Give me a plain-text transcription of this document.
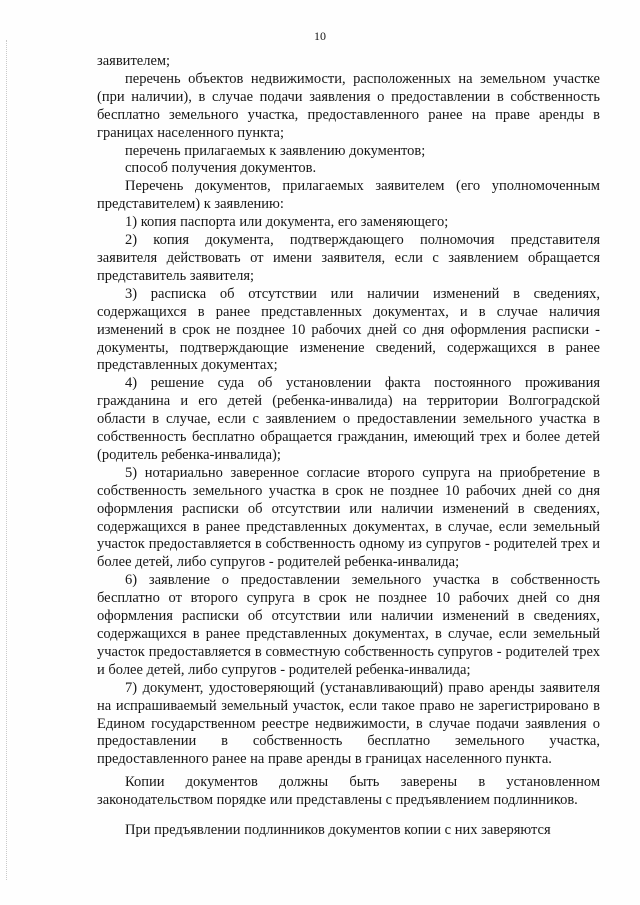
10

заявителем;

перечень объектов недвижимости, расположенных на земельном участке (при наличии), в случае подачи заявления о предоставлении в собственность бесплатно земельного участка, предоставленного ранее на праве аренды в границах населенного пункта;

перечень прилагаемых к заявлению документов;

способ получения документов.

Перечень документов, прилагаемых заявителем (его уполномоченным представителем) к заявлению:

1) копия паспорта или документа, его заменяющего;

2) копия документа, подтверждающего полномочия представителя заявителя действовать от имени заявителя, если с заявлением обращается представитель заявителя;

3) расписка об отсутствии или наличии изменений в сведениях, содержащихся в ранее представленных документах, и в случае наличия изменений в срок не позднее 10 рабочих дней со дня оформления расписки - документы, подтверждающие изменение сведений, содержащихся в ранее представленных документах;

4) решение суда об установлении факта постоянного проживания гражданина и его детей (ребенка-инвалида) на территории Волгоградской области в случае, если с заявлением о предоставлении земельного участка в собственность бесплатно обращается гражданин, имеющий трех и более детей (родитель ребенка-инвалида);

5) нотариально заверенное согласие второго супруга на приобретение в собственность земельного участка в срок не позднее 10 рабочих дней со дня оформления расписки об отсутствии или наличии изменений в сведениях, содержащихся в ранее представленных документах, в случае, если земельный участок предоставляется в собственность одному из супругов - родителей трех и более детей, либо супругов - родителей ребенка-инвалида;

6) заявление о предоставлении земельного участка в собственность бесплатно от второго супруга в срок не позднее 10 рабочих дней со дня оформления расписки об отсутствии или наличии изменений в сведениях, содержащихся в ранее представленных документах, в случае, если земельный участок предоставляется в совместную собственность супругов - родителей трех и более детей, либо супругов - родителей ребенка-инвалида;

7) документ, удостоверяющий (устанавливающий) право аренды заявителя на испрашиваемый земельный участок, если такое право не зарегистрировано в Едином государственном реестре недвижимости, в случае подачи заявления о предоставлении в собственность бесплатно земельного участка, предоставленного ранее на праве аренды в границах населенного пункта.

Копии документов должны быть заверены в установленном законодательством порядке или представлены с предъявлением подлинников.

При предъявлении подлинников документов копии с них заверяются
